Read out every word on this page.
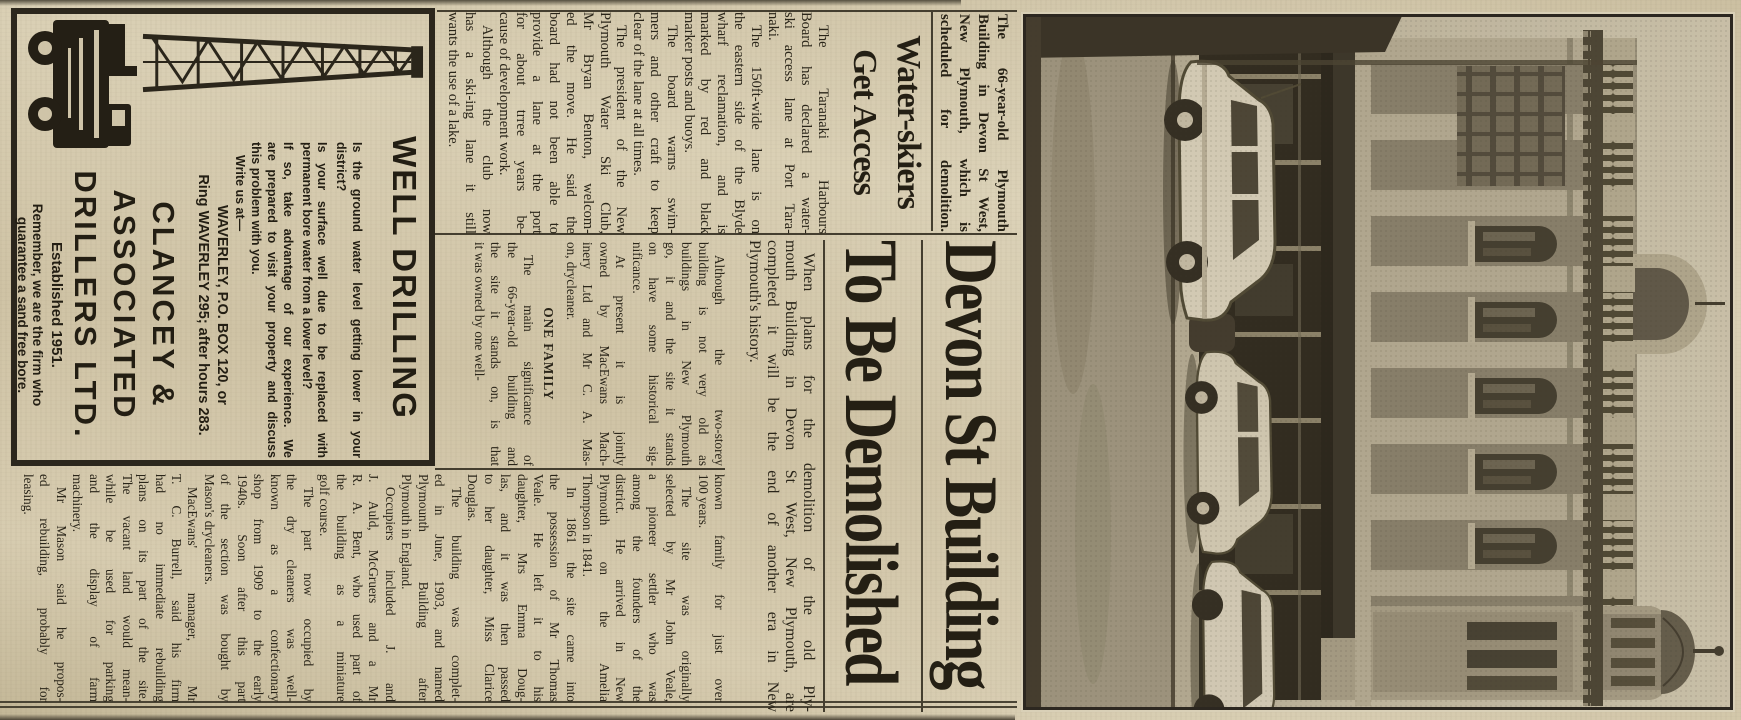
The 66-year-old Plymouth
Building in Devon St West,
New Plymouth, which is
scheduled for demolition.
Devon St Building
To Be Demolished
Water-skiers
Get Access
The Taranaki Harbours
Board has declared a water-
ski access lane at Port Tara-
naki.
The 150ft-wide lane is on
the eastern side of the Blyde
wharf reclamation, and is
marked by red and black
marker posts and buoys.
The board warns swim-
mers and other craft to keep
clear of the lane at all times.
The president of the New
Plymouth Water Ski Club,
Mr Bryan Benton, welcom-
ed the move. He said the
board had not been able to
provide a lane at the port
for about trree years be-
cause of development work.
Although the club now
has a ski-ing lane it still
wants the use of a lake.
When plans for the demolition of the old Ply-
mouth Building in Devon St West, New Plymouth, are
completed it will be the end of another era in New
Plymouth's history.
Although the two-storey
building is not very old as
buildings in New Plymouth
go, it and the site it stands
on have some historical sig-
nificance.
At present it is jointly
owned by MacEwans Mach-
inery Ltd and Mr C. A. Mas-
on, drycleaner.
ONE FAMILY
The main significance of
the 66-year-old building and
the site it stands on, is that
it was owned by one well-
known family for just over
100 years.
The site was originally
selected by Mr John Veale,
a pioneer settler who was
among the founders of the
district. He arrived in New
Plymouth on the Amelia
Thompson in 1841.
In 1861 the site came into
the possession of Mr Thomas
Veale. He left it to his
daughter, Mrs Emma Doug-
las, and it was then passed
to her daughter, Miss Clarice
Douglas.
The building was complet-
ed in June, 1903, and named
Plymounth Building after
Plymouth in England.
Occupiers included J. and
J. Auld, McGruers and a Mr
R. A. Bent, who used part of
the building as a miniature
golf course.
The part now occupied by
the dry cleaners was well-
known as a confectionary
shop from 1909 to the early
1940s. Soon after this part
of the section was bought by
Mason's drycleaners.
MacEwans' manager, Mr
T. C. Burrell, said his firm
had no immediate rebuilding
plans on its part of the site.
The vacant land would mean-
while be used for parking
and the display of farm
machinery.
Mr Mason said he propos-
ed rebuilding, probably for
leasing.
WELL DRILLING
Is the ground water level getting lower in your
district?
Is your surface well due to be replaced with
permanent bore water from a lower level?
If so, take advantage of our experience. We
are prepared to visit your property and discuss
this problem with you.
Write us at—
WAVERLEY, P.O. BOX 120, or
Ring WAVERLEY 295; after hours 283.
CLANCEY &
ASSOCIATED
DRILLERS LTD.
Established 1951.
Remember, we are the firm who
guarantee a sand free bore.
